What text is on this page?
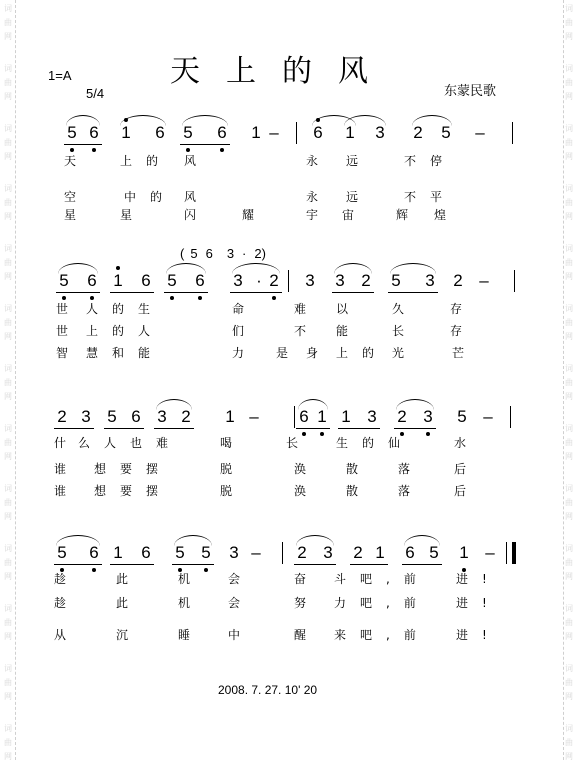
词
曲
网
词
曲
网
词
曲
网
词
曲
网
词
曲
网
词
曲
网
词
曲
网
词
曲
网
词
曲
网
词
曲
网
词
曲
网
词
曲
网
词
曲
网
词
曲
网
词
曲
网
词
曲
网
词
曲
网
词
曲
网
词
曲
网
词
曲
网
词
曲
网
词
曲
网
词
曲
网
词
曲
网
词
曲
网
词
曲
网
天上的风
1=A
5/4	东蒙民歌
5 6 1 6 5 6 1 – 6 1 3 2 5 –
天	上的 风	永 远	不停
空	中的 风	永 远	不平
星	星	闪	耀	宇 宙	辉 煌
5 6 1 6 5 6 3 · 2 3 3 2 5 3 2 –
世 人的生	命	难 以	久	存
世 上的人	们	不 能	长	存
智 慧和能	力	是 身 上的 光	芒
2 3 5 6 3 2 1 – 6 1 1 3 2 3 5 –
什 么人也难	喝	长	生的仙	水
谁 想要摆	脱	涣	散	落	后
谁 想要摆	脱	涣	散	落	后
5 6 1 6 5 5 3 – 2 3 2 1 6 5 1 –
趁	此	机	会	奋 斗吧,前 进!
趁	此	机	会	努 力吧,前 进!
从	沉	睡	中	醒 来吧,前 进!
( 5 6 3 · 2)
2008. 7. 27. 10' 20
